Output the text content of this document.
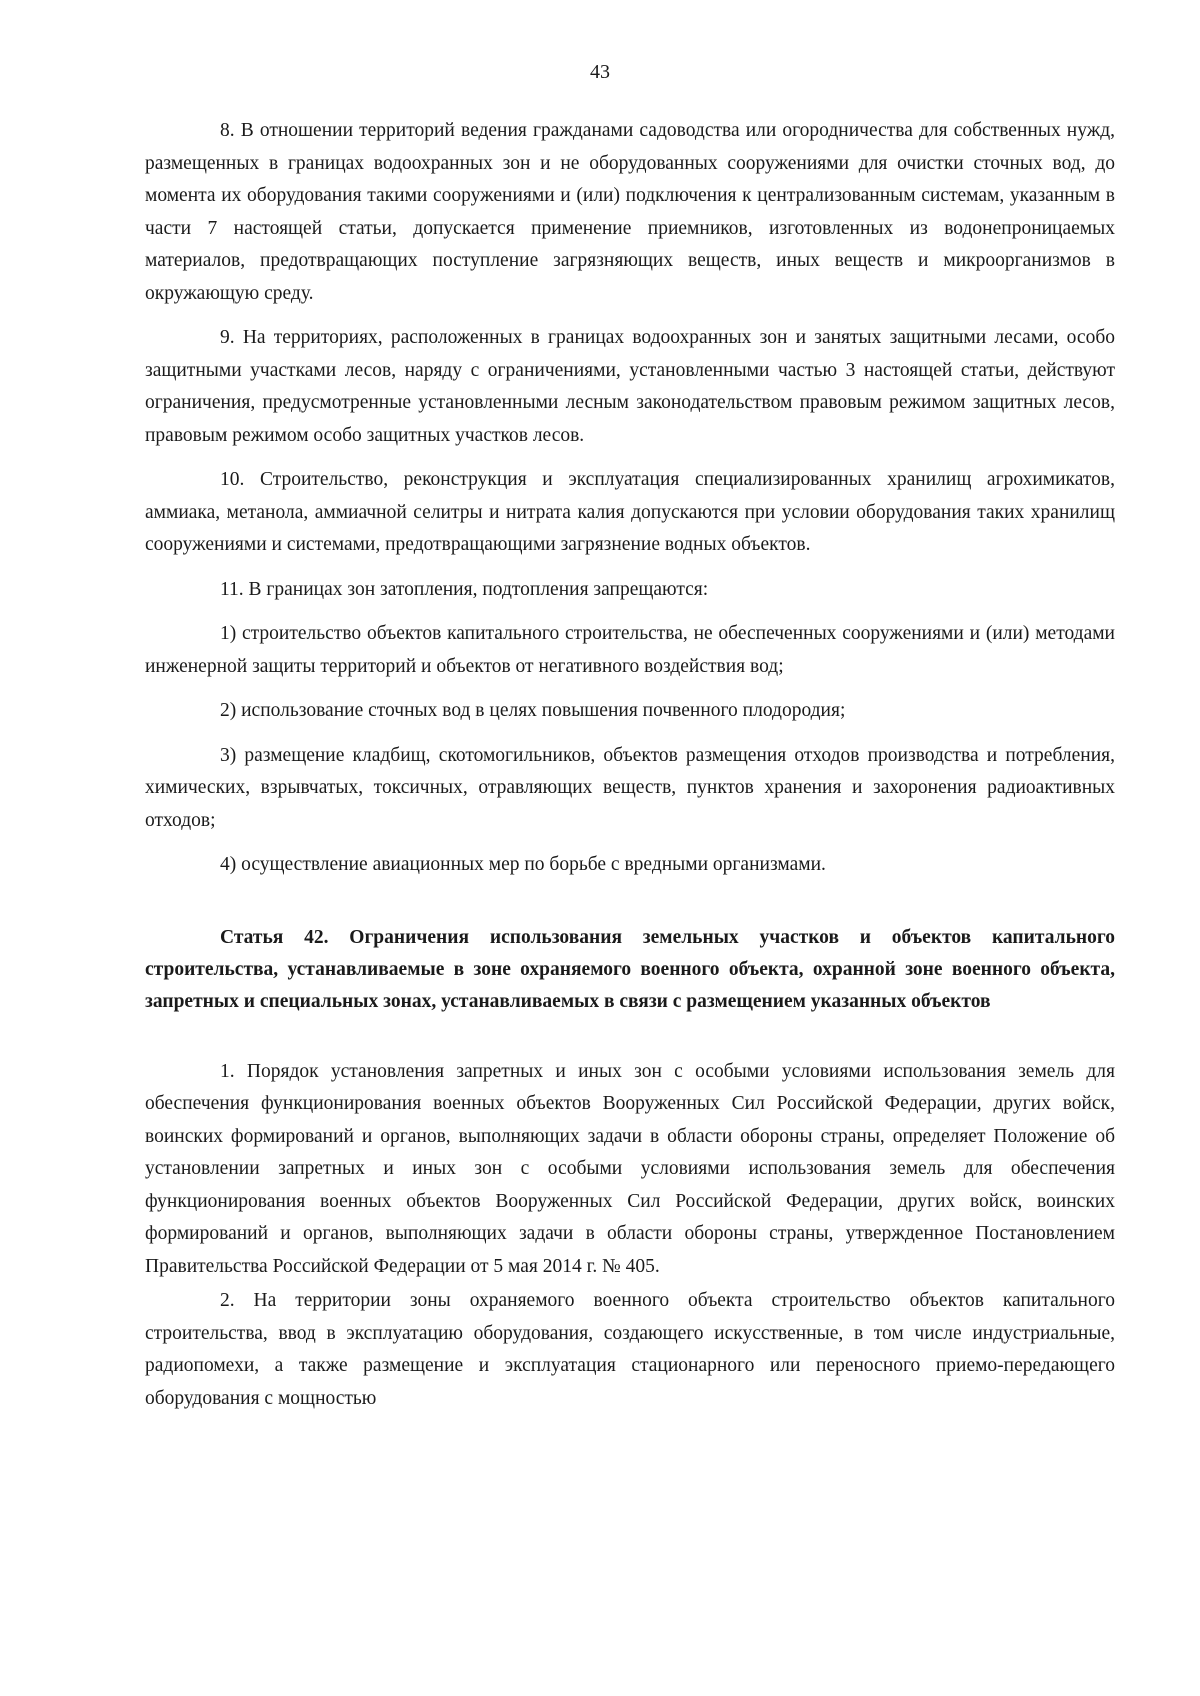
43

8. В отношении территорий ведения гражданами садоводства или огородничества для собственных нужд, размещенных в границах водоохранных зон и не оборудованных сооружениями для очистки сточных вод, до момента их оборудования такими сооружениями и (или) подключения к централизованным системам, указанным в части 7 настоящей статьи, допускается применение приемников, изготовленных из водонепроницаемых материалов, предотвращающих поступление загрязняющих веществ, иных веществ и микроорганизмов в окружающую среду.

9. На территориях, расположенных в границах водоохранных зон и занятых защитными лесами, особо защитными участками лесов, наряду с ограничениями, установленными частью 3 настоящей статьи, действуют ограничения, предусмотренные установленными лесным законодательством правовым режимом защитных лесов, правовым режимом особо защитных участков лесов.

10. Строительство, реконструкция и эксплуатация специализированных хранилищ агрохимикатов, аммиака, метанола, аммиачной селитры и нитрата калия допускаются при условии оборудования таких хранилищ сооружениями и системами, предотвращающими загрязнение водных объектов.

11. В границах зон затопления, подтопления запрещаются:

1) строительство объектов капитального строительства, не обеспеченных сооружениями и (или) методами инженерной защиты территорий и объектов от негативного воздействия вод;

2) использование сточных вод в целях повышения почвенного плодородия;

3) размещение кладбищ, скотомогильников, объектов размещения отходов производства и потребления, химических, взрывчатых, токсичных, отравляющих веществ, пунктов хранения и захоронения радиоактивных отходов;

4) осуществление авиационных мер по борьбе с вредными организмами.

Статья 42. Ограничения использования земельных участков и объектов капитального строительства, устанавливаемые в зоне охраняемого военного объекта, охранной зоне военного объекта, запретных и специальных зонах, устанавливаемых в связи с размещением указанных объектов

1. Порядок установления запретных и иных зон с особыми условиями использования земель для обеспечения функционирования военных объектов Вооруженных Сил Российской Федерации, других войск, воинских формирований и органов, выполняющих задачи в области обороны страны, определяет Положение об установлении запретных и иных зон с особыми условиями использования земель для обеспечения функционирования военных объектов Вооруженных Сил Российской Федерации, других войск, воинских формирований и органов, выполняющих задачи в области обороны страны, утвержденное Постановлением Правительства Российской Федерации от 5 мая 2014 г. № 405.

2. На территории зоны охраняемого военного объекта строительство объектов капитального строительства, ввод в эксплуатацию оборудования, создающего искусственные, в том числе индустриальные, радиопомехи, а также размещение и эксплуатация стационарного или переносного приемо-передающего оборудования с мощностью
